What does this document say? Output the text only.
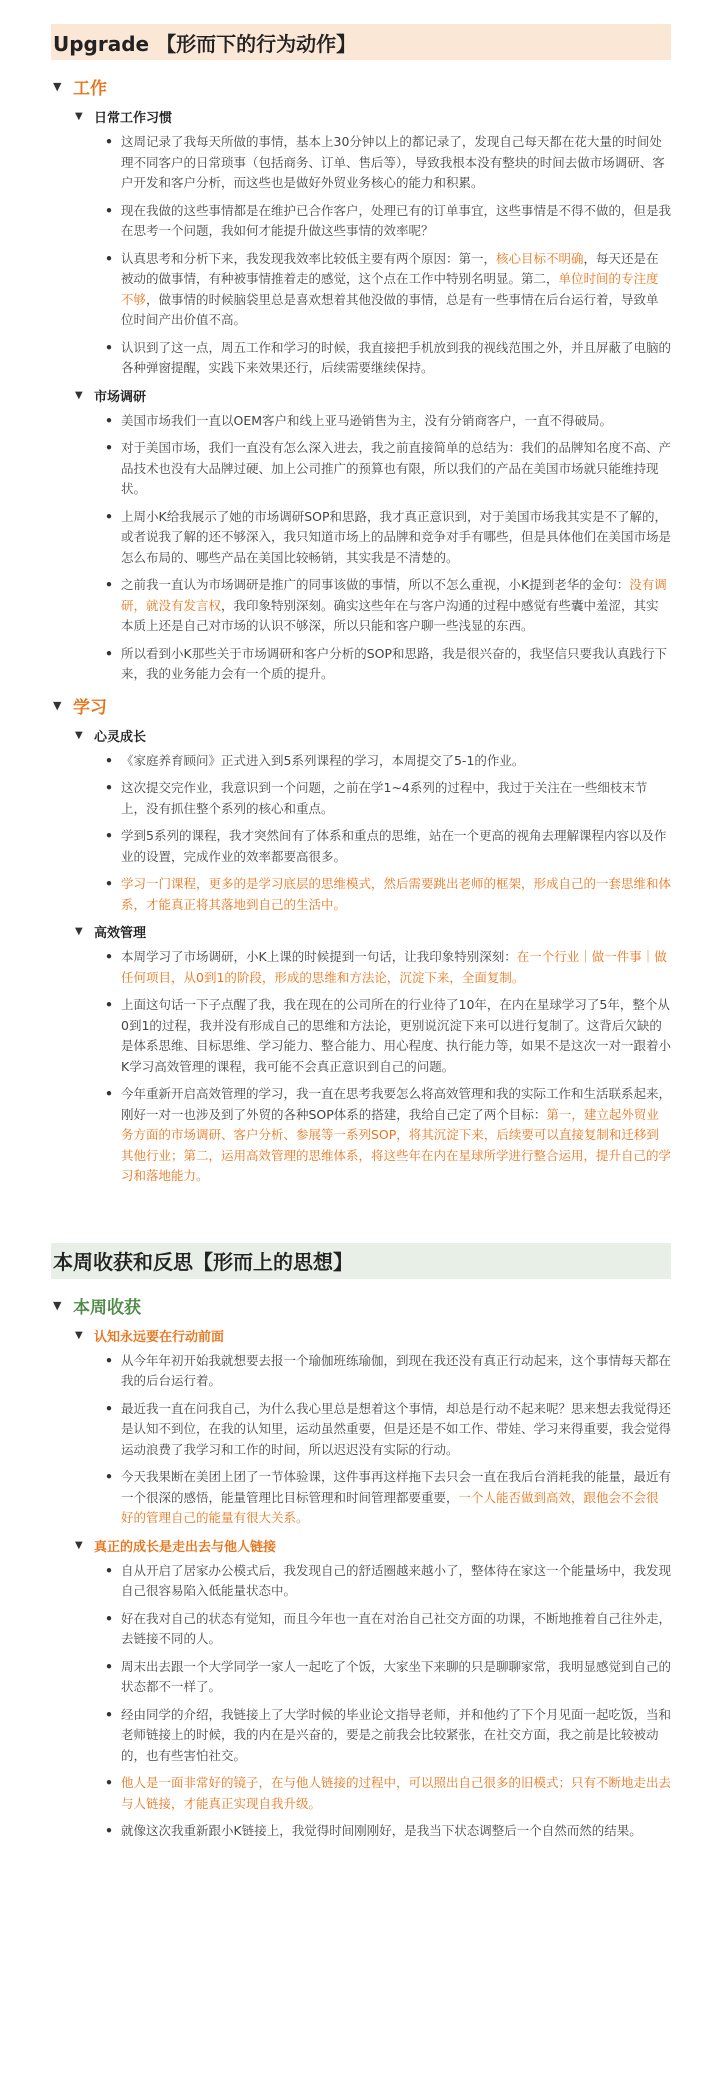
Upgrade 【形而下的行为动作】
▼ 工作
▼ 日常工作习惯
• 这周记录了我每天所做的事情，基本上30分钟以上的都记录了，发现自己每天都在花大量的时间处理不同客户的日常琐事（包括商务、订单、售后等），导致我根本没有整块的时间去做市场调研、客户开发和客户分析，而这些也是做好外贸业务核心的能力和积累。
• 现在我做的这些事情都是在维护已合作客户，处理已有的订单事宜，这些事情是不得不做的，但是我在思考一个问题，我如何才能提升做这些事情的效率呢？
• 认真思考和分析下来，我发现我效率比较低主要有两个原因：第一，核心目标不明确，每天还是在被动的做事情，有种被事情推着走的感觉，这个点在工作中特别名明显。第二，单位时间的专注度不够，做事情的时候脑袋里总是喜欢想着其他没做的事情，总是有一些事情在后台运行着，导致单位时间产出价值不高。
• 认识到了这一点，周五工作和学习的时候，我直接把手机放到我的视线范围之外，并且屏蔽了电脑的各种弹窗提醒，实践下来效果还行，后续需要继续保持。
▼ 市场调研
• 美国市场我们一直以OEM客户和线上亚马逊销售为主，没有分销商客户，一直不得破局。
• 对于美国市场，我们一直没有怎么深入进去，我之前直接简单的总结为：我们的品牌知名度不高、产品技术也没有大品牌过硬、加上公司推广的预算也有限，所以我们的产品在美国市场就只能维持现状。
• 上周小K给我展示了她的市场调研SOP和思路，我才真正意识到，对于美国市场我其实是不了解的，或者说我了解的还不够深入，我只知道市场上的品牌和竞争对手有哪些，但是具体他们在美国市场是怎么布局的、哪些产品在美国比较畅销，其实我是不清楚的。
• 之前我一直认为市场调研是推广的同事该做的事情，所以不怎么重视，小K提到老华的金句：没有调研，就没有发言权，我印象特别深刻。确实这些年在与客户沟通的过程中感觉有些囊中羞涩，其实本质上还是自己对市场的认识不够深，所以只能和客户聊一些浅显的东西。
• 所以看到小K那些关于市场调研和客户分析的SOP和思路，我是很兴奋的，我坚信只要我认真践行下来，我的业务能力会有一个质的提升。
▼ 学习
▼ 心灵成长
• 《家庭养育顾问》正式进入到5系列课程的学习，本周提交了5-1的作业。
• 这次提交完作业，我意识到一个问题，之前在学1~4系列的过程中，我过于关注在一些细枝末节上，没有抓住整个系列的核心和重点。
• 学到5系列的课程，我才突然间有了体系和重点的思维，站在一个更高的视角去理解课程内容以及作业的设置，完成作业的效率都要高很多。
• 学习一门课程，更多的是学习底层的思维模式，然后需要跳出老师的框架，形成自己的一套思维和体系，才能真正将其落地到自己的生活中。
▼ 高效管理
• 本周学习了市场调研，小K上课的时候提到一句话，让我印象特别深刻：在一个行业｜做一件事｜做任何项目，从0到1的阶段，形成的思维和方法论，沉淀下来，全面复制。
• 上面这句话一下子点醒了我，我在现在的公司所在的行业待了10年，在内在星球学习了5年，整个从0到1的过程，我并没有形成自己的思维和方法论，更别说沉淀下来可以进行复制了。这背后欠缺的是体系思维、目标思维、学习能力、整合能力、用心程度、执行能力等，如果不是这次一对一跟着小K学习高效管理的课程，我可能不会真正意识到自己的问题。
• 今年重新开启高效管理的学习，我一直在思考我要怎么将高效管理和我的实际工作和生活联系起来，刚好一对一也涉及到了外贸的各种SOP体系的搭建，我给自己定了两个目标：第一，建立起外贸业务方面的市场调研、客户分析、参展等一系列SOP，将其沉淀下来，后续要可以直接复制和迁移到其他行业；第二，运用高效管理的思维体系，将这些年在内在星球所学进行整合运用，提升自己的学习和落地能力。
本周收获和反思【形而上的思想】
▼ 本周收获
▼ 认知永远要在行动前面
• 从今年年初开始我就想要去报一个瑜伽班练瑜伽，到现在我还没有真正行动起来，这个事情每天都在我的后台运行着。
• 最近我一直在问我自己，为什么我心里总是想着这个事情，却总是行动不起来呢？思来想去我觉得还是认知不到位，在我的认知里，运动虽然重要，但是还是不如工作、带娃、学习来得重要，我会觉得运动浪费了我学习和工作的时间，所以迟迟没有实际的行动。
• 今天我果断在美团上团了一节体验课，这件事再这样拖下去只会一直在我后台消耗我的能量，最近有一个很深的感悟，能量管理比目标管理和时间管理都要重要，一个人能否做到高效，跟他会不会很好的管理自己的能量有很大关系。
▼ 真正的成长是走出去与他人链接
• 自从开启了居家办公模式后，我发现自己的舒适圈越来越小了，整体待在家这一个能量场中，我发现自己很容易陷入低能量状态中。
• 好在我对自己的状态有觉知，而且今年也一直在对治自己社交方面的功课，不断地推着自己往外走，去链接不同的人。
• 周末出去跟一个大学同学一家人一起吃了个饭，大家坐下来聊的只是聊聊家常，我明显感觉到自己的状态都不一样了。
• 经由同学的介绍，我链接上了大学时候的毕业论文指导老师，并和他约了下个月见面一起吃饭，当和老师链接上的时候，我的内在是兴奋的，要是之前我会比较紧张，在社交方面，我之前是比较被动的，也有些害怕社交。
• 他人是一面非常好的镜子，在与他人链接的过程中，可以照出自己很多的旧模式；只有不断地走出去与人链接，才能真正实现自我升级。
• 就像这次我重新跟小K链接上，我觉得时间刚刚好，是我当下状态调整后一个自然而然的结果。
